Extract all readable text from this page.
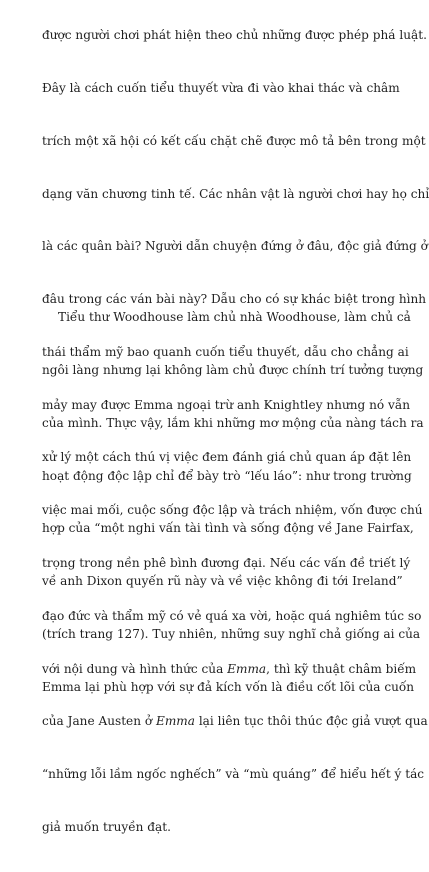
được người chơi phát hiện theo chủ những được phép phá luật.

Đây là cách cuốn tiểu thuyết vừa đi vào khai thác và châm

trích một xã hội có kết cấu chặt chẽ được mô tả bên trong một

dạng văn chương tinh tế. Các nhân vật là người chơi hay họ chỉ

là các quân bài? Người dẫn chuyện đứng ở đâu, độc giả đứng ở

đâu trong các ván bài này? Dẫu cho có sự khác biệt trong hình

thái thẩm mỹ bao quanh cuốn tiểu thuyết, dẫu cho chẳng ai

mảy may được Emma ngoại trừ anh Knightley nhưng nó vẫn

xử lý một cách thú vị việc đem đánh giá chủ quan áp đặt lên

việc mai mối, cuộc sống độc lập và trách nhiệm, vốn được chú

trọng trong nền phê bình đương đại. Nếu các vấn đề triết lý

đạo đức và thẩm mỹ có vẻ quá xa vời, hoặc quá nghiêm túc so

với nội dung và hình thức của Emma, thì kỹ thuật châm biếm

của Jane Austen ở Emma lại liên tục thôi thúc độc giả vượt qua

“những lỗi lầm ngốc nghếch” và “mù quáng” để hiểu hết ý tác

giả muốn truyền đạt.

Tiểu thư Woodhouse làm chủ nhà Woodhouse, làm chủ cả

ngôi làng nhưng lại không làm chủ được chính trí tưởng tượng

của mình. Thực vậy, lắm khi những mơ mộng của nàng tách ra

hoạt động độc lập chỉ để bày trò “lếu láo”: như trong trường

hợp của “một nghi vấn tài tình và sống động về Jane Fairfax,

về anh Dixon quyến rũ này và về việc không đi tới Ireland”

(trích trang 127). Tuy nhiên, những suy nghĩ chả giống ai của

Emma lại phù hợp với sự đả kích vốn là điều cốt lõi của cuốn
